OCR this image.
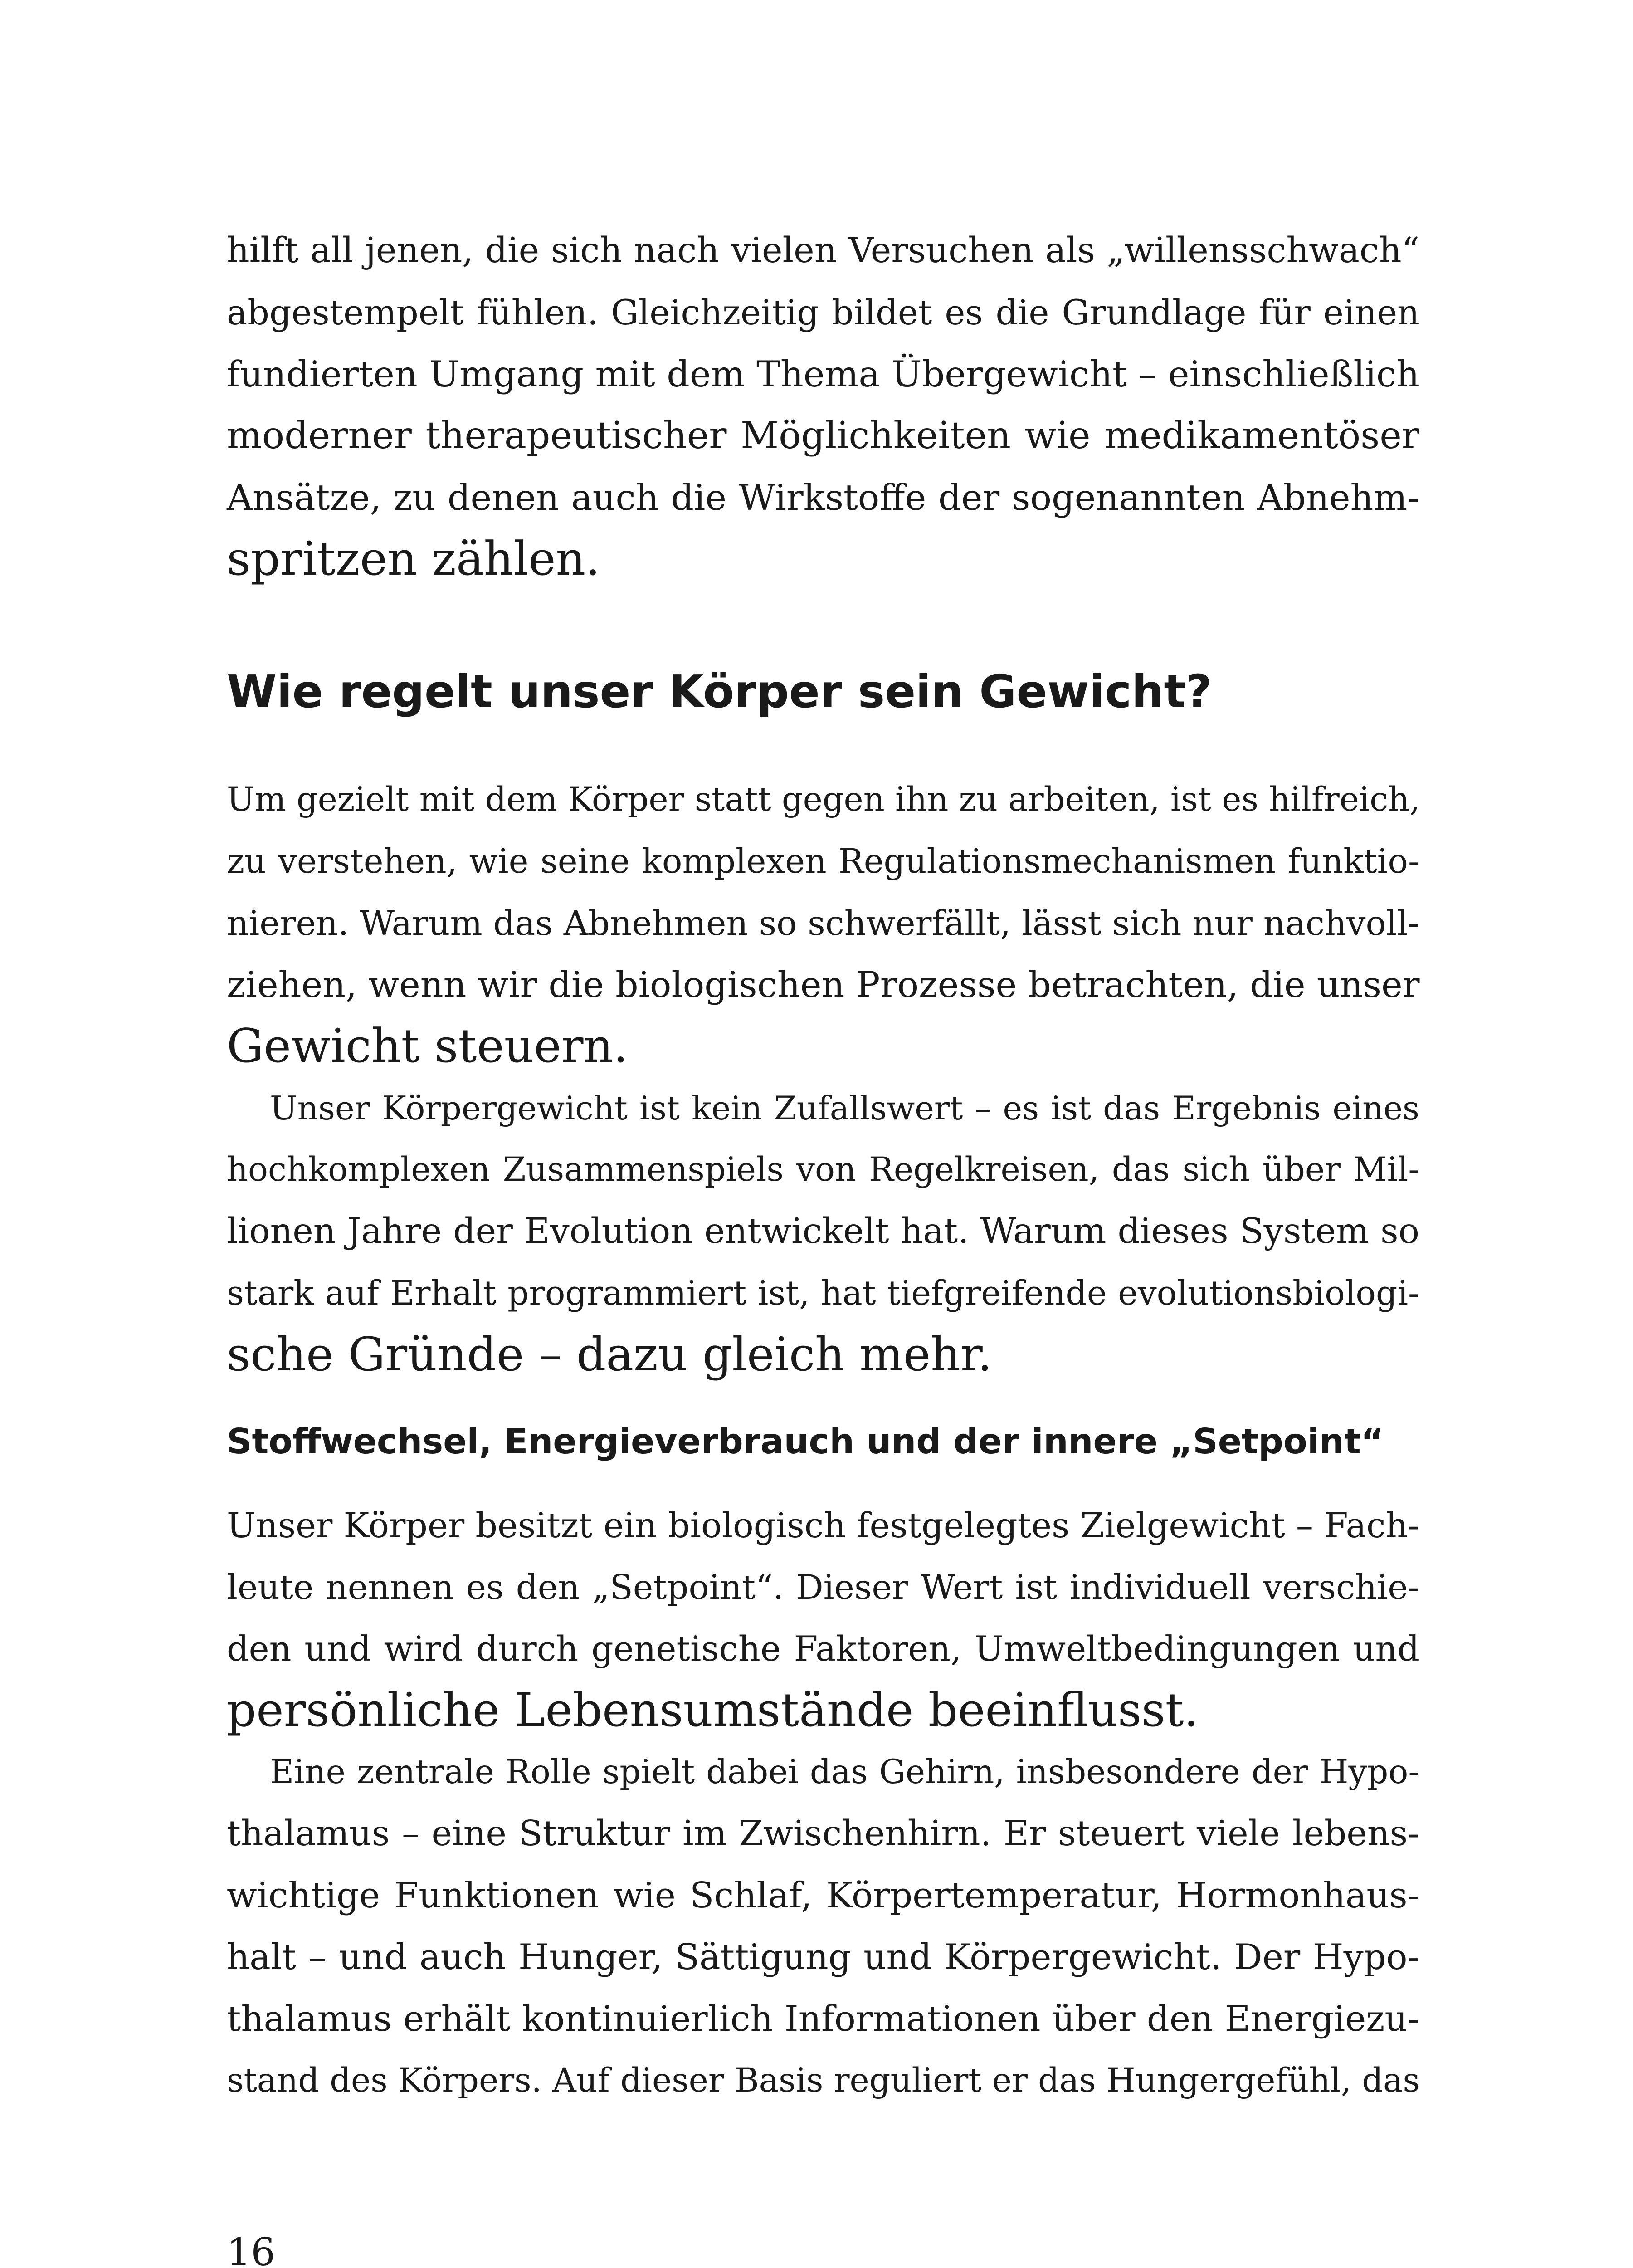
hilft all jenen, die sich nach vielen Versuchen als „willensschwach“
abgestempelt fühlen. Gleichzeitig bildet es die Grundlage für einen
fundierten Umgang mit dem Thema Übergewicht – einschließlich
moderner therapeutischer Möglichkeiten wie medikamentöser
Ansätze, zu denen auch die Wirkstoffe der sogenannten Abnehm-
spritzen zählen.
Wie regelt unser Körper sein Gewicht?
Um gezielt mit dem Körper statt gegen ihn zu arbeiten, ist es hilfreich,
zu verstehen, wie seine komplexen Regulationsmechanismen funktio-
nieren. Warum das Abnehmen so schwerfällt, lässt sich nur nachvoll-
ziehen, wenn wir die biologischen Prozesse betrachten, die unser
Gewicht steuern.
Unser Körpergewicht ist kein Zufallswert – es ist das Ergebnis eines
hochkomplexen Zusammenspiels von Regelkreisen, das sich über Mil-
lionen Jahre der Evolution entwickelt hat. Warum dieses System so
stark auf Erhalt programmiert ist, hat tiefgreifende evolutionsbiologi-
sche Gründe – dazu gleich mehr.
Stoffwechsel, Energieverbrauch und der innere „Setpoint“
Unser Körper besitzt ein biologisch festgelegtes Zielgewicht – Fach-
leute nennen es den „Setpoint“. Dieser Wert ist individuell verschie-
den und wird durch genetische Faktoren, Umweltbedingungen und
persönliche Lebensumstände beeinflusst.
Eine zentrale Rolle spielt dabei das Gehirn, insbesondere der Hypo-
thalamus – eine Struktur im Zwischenhirn. Er steuert viele lebens-
wichtige Funktionen wie Schlaf, Körpertemperatur, Hormonhaus-
halt – und auch Hunger, Sättigung und Körpergewicht. Der Hypo-
thalamus erhält kontinuierlich Informationen über den Energiezu-
stand des Körpers. Auf dieser Basis reguliert er das Hungergefühl, das
16
